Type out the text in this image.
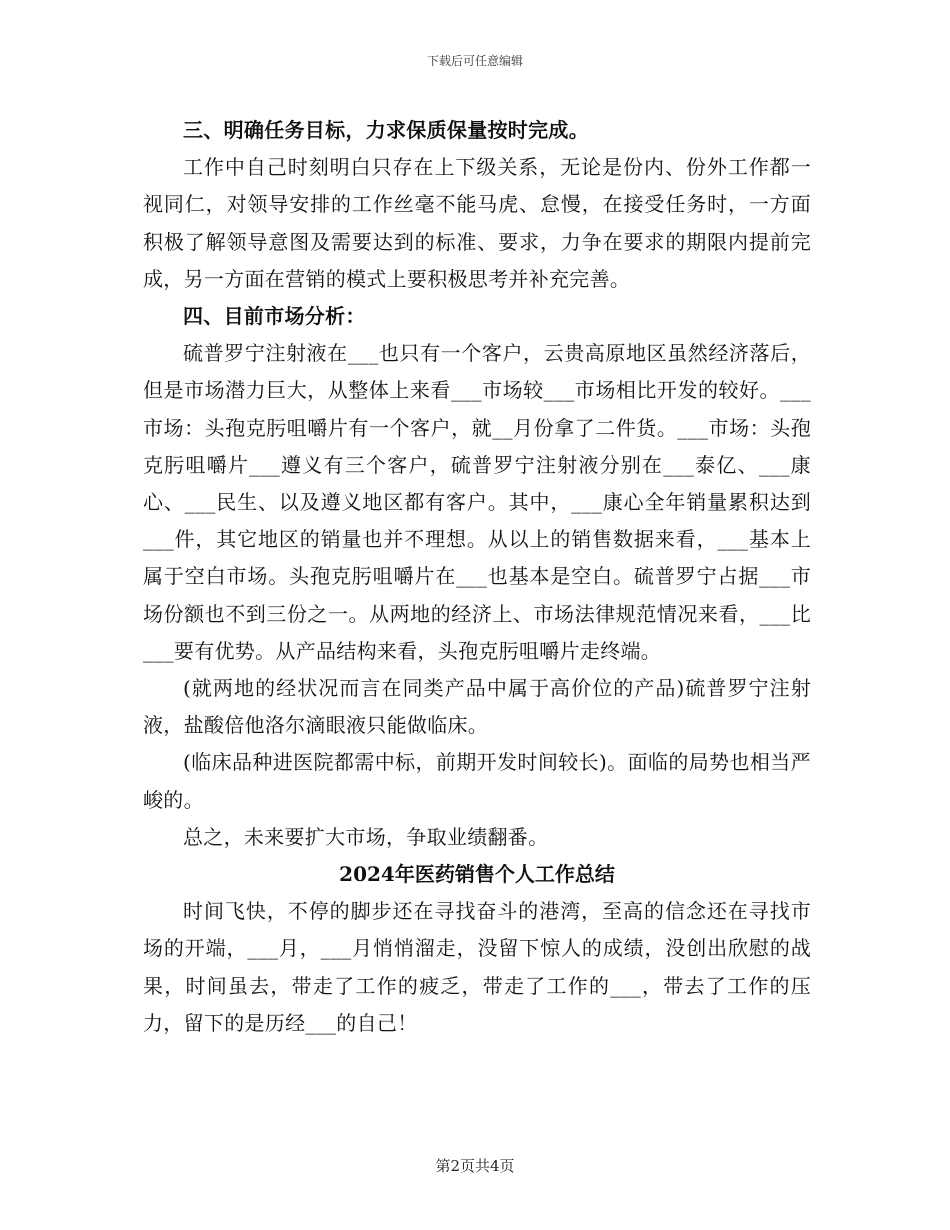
下载后可任意编辑

三、明确任务目标，力求保质保量按时完成。

工作中自己时刻明白只存在上下级关系，无论是份内、份外工作都一视同仁，对领导安排的工作丝毫不能马虎、怠慢，在接受任务时，一方面积极了解领导意图及需要达到的标准、要求，力争在要求的期限内提前完成，另一方面在营销的模式上要积极思考并补充完善。

四、目前市场分析：

硫普罗宁注射液在___也只有一个客户，云贵高原地区虽然经济落后，但是市场潜力巨大，从整体上来看___市场较___市场相比开发的较好。___市场：头孢克肟咀嚼片有一个客户，就__月份拿了二件货。___市场：头孢克肟咀嚼片___遵义有三个客户，硫普罗宁注射液分别在___泰亿、___康心、___民生、以及遵义地区都有客户。其中，___康心全年销量累积达到___件，其它地区的销量也并不理想。从以上的销售数据来看，___基本上属于空白市场。头孢克肟咀嚼片在___也基本是空白。硫普罗宁占据___市场份额也不到三份之一。从两地的经济上、市场法律规范情况来看，___比___要有优势。从产品结构来看，头孢克肟咀嚼片走终端。

(就两地的经状况而言在同类产品中属于高价位的产品)硫普罗宁注射液，盐酸倍他洛尔滴眼液只能做临床。

(临床品种进医院都需中标，前期开发时间较长)。面临的局势也相当严峻的。

总之，未来要扩大市场，争取业绩翻番。

2024年医药销售个人工作总结

时间飞快，不停的脚步还在寻找奋斗的港湾，至高的信念还在寻找市场的开端，___月，___月悄悄溜走，没留下惊人的成绩，没创出欣慰的战果，时间虽去，带走了工作的疲乏，带走了工作的___，带去了工作的压力，留下的是历经___的自己！

第2页共4页
